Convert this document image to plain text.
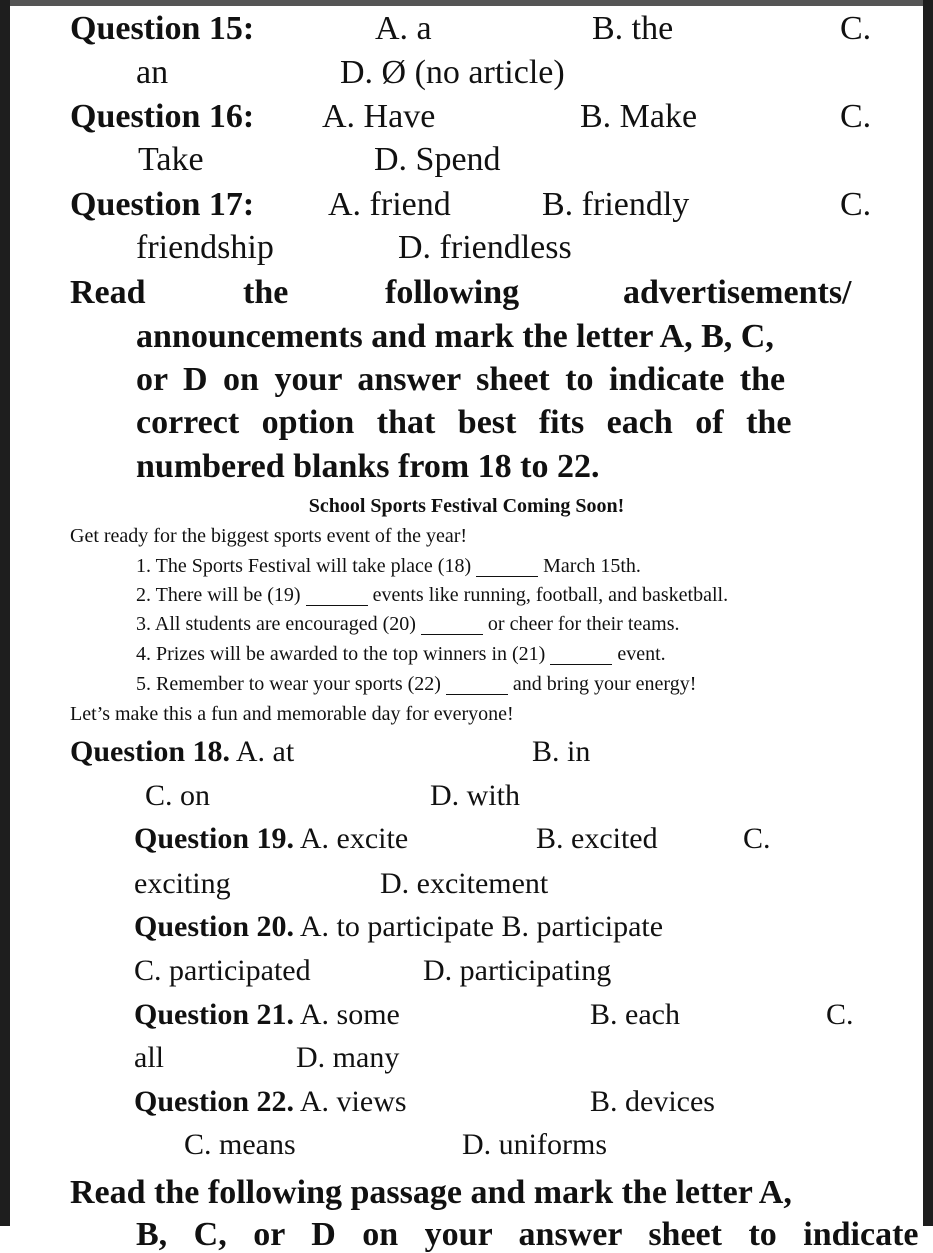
Question 15:	A. a	B. the	C.
an	D. Ø (no article)
Question 16: A. Have	B. Make	C.
Take	D. Spend
Question 17: A. friend	B. friendly	C.
friendship	D. friendless
Read	the	following	advertisements/
announcements and mark the letter A, B, C,
or D on your answer sheet to indicate the
correct option that best fits each of the
numbered blanks from 18 to 22.
School Sports Festival Coming Soon!
Get ready for the biggest sports event of the year!
1. The Sports Festival will take place (18)	March 15th.
2. There will be (19)	events like running, football, and basketball.
3. All students are encouraged (20)	or cheer for their teams.
4. Prizes will be awarded to the top winners in (21)	event.
5. Remember to wear your sports (22)	and bring your energy!
Let’s make this a fun and memorable day for everyone!
Question 18. A. at	B. in
C. on	D. with
Question 19. A. excite	B. excited	C.
exciting	D. excitement
Question 20. A. to participate B. participate
C. participated	D. participating
Question 21. A. some	B. each	C.
all	D. many
Question 22. A. views	B. devices
C. means	D. uniforms
Read the following passage and mark the letter A,
B, C, or D on your answer sheet to indicate
